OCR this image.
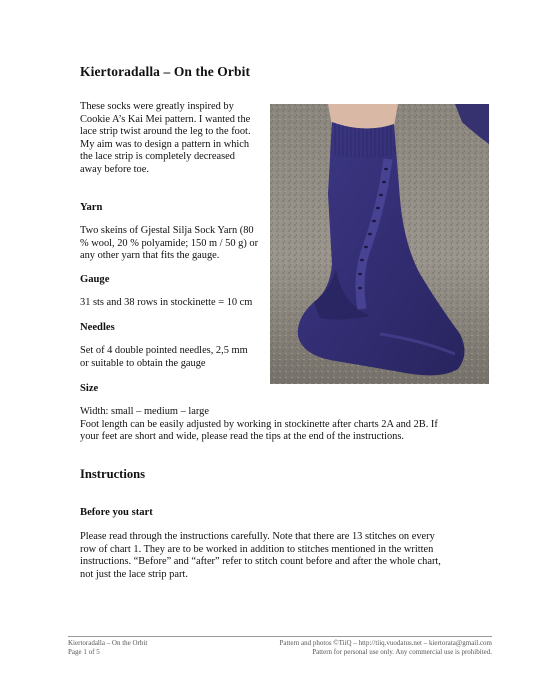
Kiertoradalla – On the Orbit

These socks were greatly inspired by

Cookie A’s Kai Mei pattern. I wanted the

lace strip twist around the leg to the foot.

My aim was to design a pattern in which

the lace strip is completely decreased

away before toe.

Yarn

Two skeins of Gjestal Silja Sock Yarn (80

% wool, 20 % polyamide; 150 m / 50 g) or

any other yarn that fits the gauge.

Gauge

31 sts and 38 rows in stockinette = 10 cm

Needles

Set of 4 double pointed needles, 2,5 mm

or suitable to obtain the gauge

Size

Width: small – medium – large

Foot length can be easily adjusted by working in stockinette after charts 2A and 2B. If

your feet are short and wide, please read the tips at the end of the instructions.

Instructions
Before you start

Please read through the instructions carefully. Note that there are 13 stitches on every

row of chart 1. They are to be worked in addition to stitches mentioned in the written

instructions. “Before” and “after” refer to stitch count before and after the whole chart,

not just the lace strip part.

Kiertoradalla – On the Orbit
Page 1 of 5
Pattern and photos ©TiiQ – http://tiiq.vuodatus.net – kiertorata@gmail.com
Pattern for personal use only. Any commercial use is prohibited.
